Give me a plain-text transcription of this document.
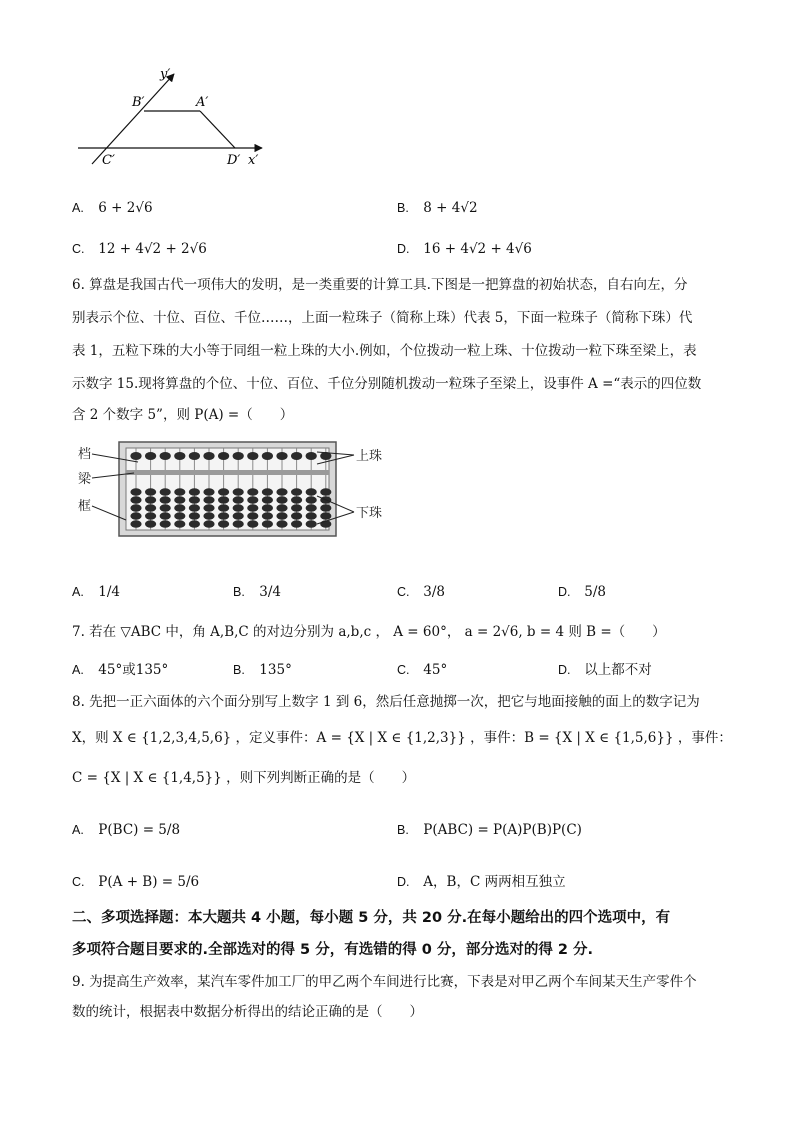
y′
B′	A′
C′	D′ x′
A. 6 + 2√6	B. 8 + 4√2
C. 12 + 4√2 + 2√6	D. 16 + 4√2 + 4√6
6. 算盘是我国古代一项伟大的发明，是一类重要的计算工具.下图是一把算盘的初始状态，自右向左，分
别表示个位、十位、百位、千位……，上面一粒珠子（简称上珠）代表 5，下面一粒珠子（简称下珠）代
表 1，五粒下珠的大小等于同组一粒上珠的大小.例如，个位拨动一粒上珠、十位拨动一粒下珠至梁上，表
示数字 15.现将算盘的个位、十位、百位、千位分别随机拨动一粒珠子至梁上，设事件 A =“表示的四位数
含 2 个数字 5”，则 P(A) =（　　）
档
梁
框
上珠
下珠
A. 1/4	B. 3/4	C. 3/8	D. 5/8
7. 若在 ▽ABC 中，角 A,B,C 的对边分别为 a,b,c ， A = 60°， a = 2√6, b = 4 则 B =（　　）
A. 45°或135°	B. 135°	C. 45°	D. 以上都不对
8. 先把一正六面体的六个面分别写上数字 1 到 6，然后任意抛掷一次，把它与地面接触的面上的数字记为
X，则 X ∈ {1,2,3,4,5,6} ，定义事件：A = {X | X ∈ {1,2,3}} ，事件：B = {X | X ∈ {1,5,6}} ，事件：
C = {X | X ∈ {1,4,5}} ，则下列判断正确的是（　　）
A. P(BC) = 5/8	B. P(ABC) = P(A)P(B)P(C)
C. P(A + B) = 5/6	D. A，B，C 两两相互独立
二、多项选择题：本大题共 4 小题，每小题 5 分，共 20 分.在每小题给出的四个选项中，有
多项符合题目要求的.全部选对的得 5 分，有选错的得 0 分，部分选对的得 2 分.
9. 为提高生产效率，某汽车零件加工厂的甲乙两个车间进行比赛，下表是对甲乙两个车间某天生产零件个
数的统计，根据表中数据分析得出的结论正确的是（　　）
